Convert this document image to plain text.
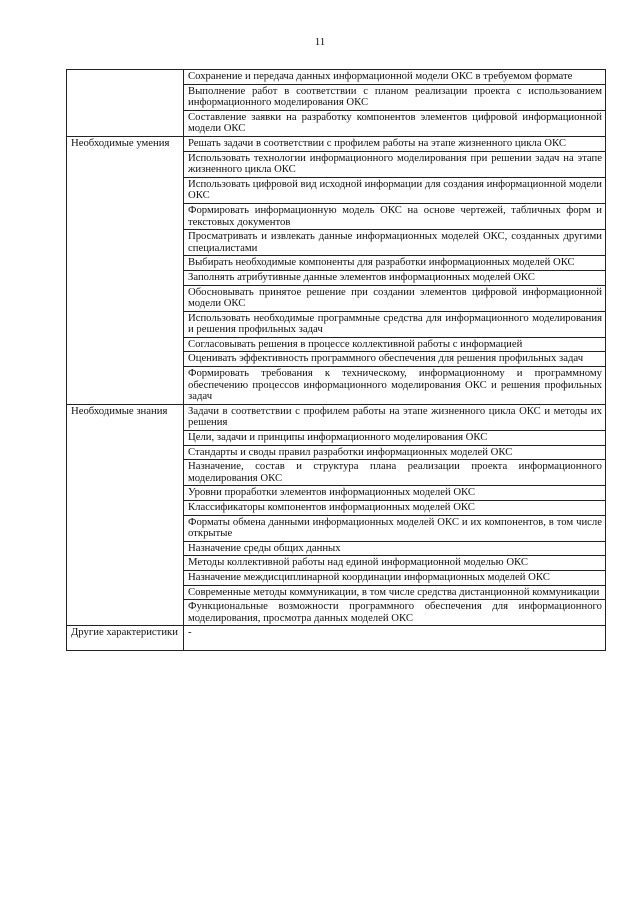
11
	Сохранение и передача данных информационной модели ОКС в требуемом формате
	Выполнение работ в соответствии с планом реализации проекта с использованием информационного моделирования ОКС
	Составление заявки на разработку компонентов элементов цифровой информационной модели ОКС
Необходимые умения	Решать задачи в соответствии с профилем работы на этапе жизненного цикла ОКС
	Использовать технологии информационного моделирования при решении задач на этапе жизненного цикла ОКС
	Использовать цифровой вид исходной информации для создания информационной модели ОКС
	Формировать информационную модель ОКС на основе чертежей, табличных форм и текстовых документов
	Просматривать и извлекать данные информационных моделей ОКС, созданных другими специалистами
	Выбирать необходимые компоненты для разработки информационных моделей ОКС
	Заполнять атрибутивные данные элементов информационных моделей ОКС
	Обосновывать принятое решение при создании элементов цифровой информационной модели ОКС
	Использовать необходимые программные средства для информационного моделирования и решения профильных задач
	Согласовывать решения в процессе коллективной работы с информацией
	Оценивать эффективность программного обеспечения для решения профильных задач
	Формировать требования к техническому, информационному и программному обеспечению процессов информационного моделирования ОКС и решения профильных задач
Необходимые знания	Задачи в соответствии с профилем работы на этапе жизненного цикла ОКС и методы их решения
	Цели, задачи и принципы информационного моделирования ОКС
	Стандарты и своды правил разработки информационных моделей ОКС
	Назначение, состав и структура плана реализации проекта информационного моделирования ОКС
	Уровни проработки элементов информационных моделей ОКС
	Классификаторы компонентов информационных моделей ОКС
	Форматы обмена данными информационных моделей ОКС и их компонентов, в том числе открытые
	Назначение среды общих данных
	Методы коллективной работы над единой информационной моделью ОКС
	Назначение междисциплинарной координации информационных моделей ОКС
	Современные методы коммуникации, в том числе средства дистанционной коммуникации
	Функциональные возможности программного обеспечения для информационного моделирования, просмотра данных моделей ОКС
Другие характеристики	-
